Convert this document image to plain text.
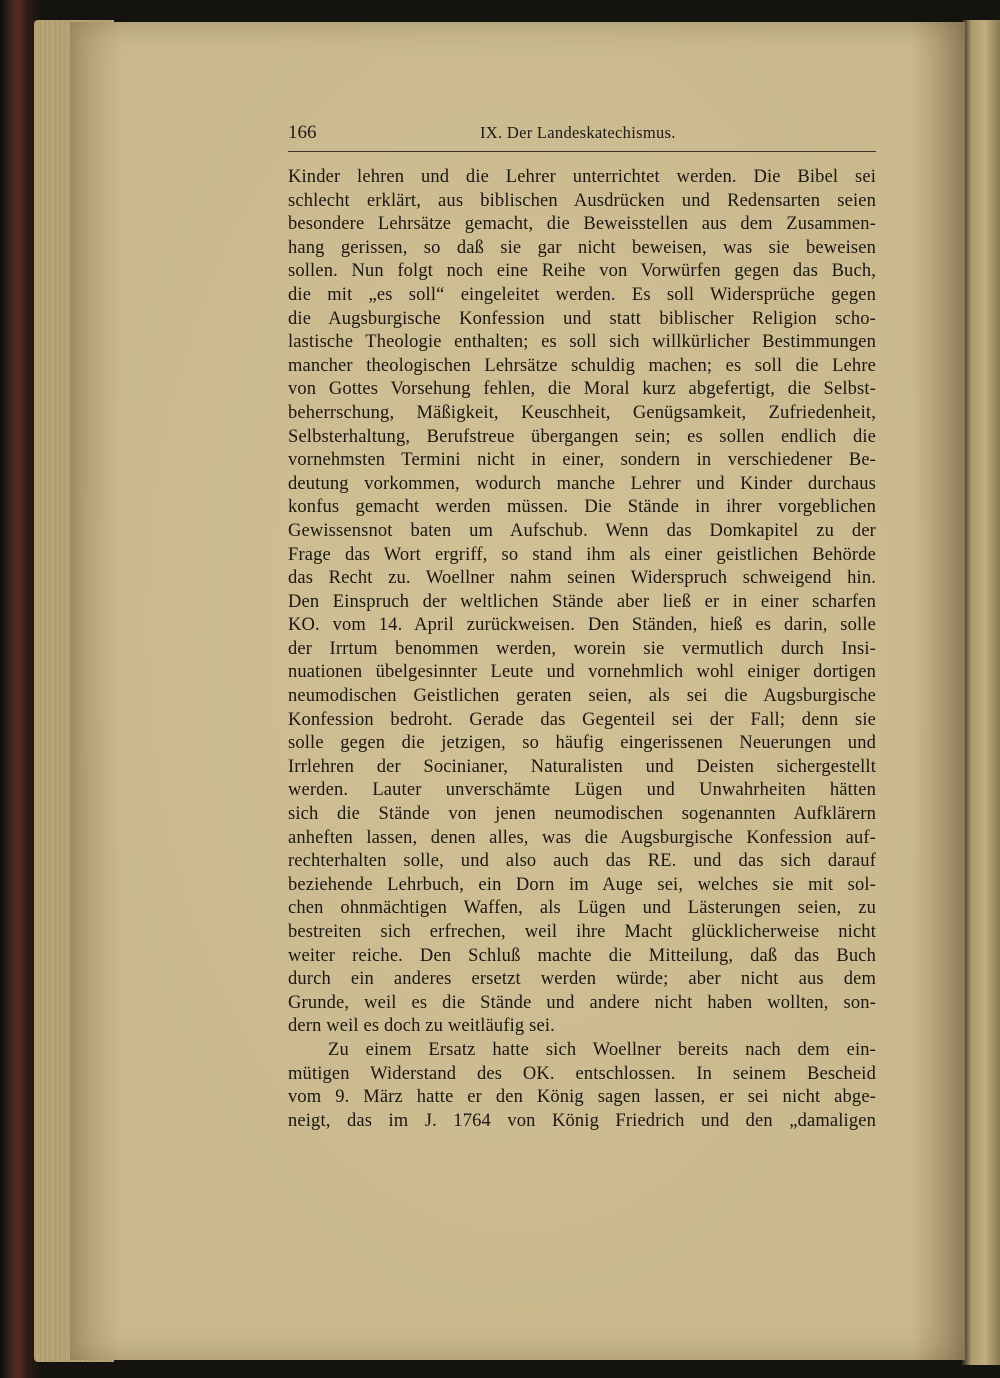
166	IX. Der Landeskatechismus.
Kinder lehren und die Lehrer unterrichtet werden. Die Bibel sei
schlecht erklärt, aus biblischen Ausdrücken und Redensarten seien
besondere Lehrsätze gemacht, die Beweisstellen aus dem Zusammen-
hang gerissen, so daß sie gar nicht beweisen, was sie beweisen
sollen. Nun folgt noch eine Reihe von Vorwürfen gegen das Buch,
die mit „es soll“ eingeleitet werden. Es soll Widersprüche gegen
die Augsburgische Konfession und statt biblischer Religion scho-
lastische Theologie enthalten; es soll sich willkürlicher Bestimmungen
mancher theologischen Lehrsätze schuldig machen; es soll die Lehre
von Gottes Vorsehung fehlen, die Moral kurz abgefertigt, die Selbst-
beherrschung, Mäßigkeit, Keuschheit, Genügsamkeit, Zufriedenheit,
Selbsterhaltung, Berufstreue übergangen sein; es sollen endlich die
vornehmsten Termini nicht in einer, sondern in verschiedener Be-
deutung vorkommen, wodurch manche Lehrer und Kinder durchaus
konfus gemacht werden müssen. Die Stände in ihrer vorgeblichen
Gewissensnot baten um Aufschub. Wenn das Domkapitel zu der
Frage das Wort ergriff, so stand ihm als einer geistlichen Behörde
das Recht zu. Woellner nahm seinen Widerspruch schweigend hin.
Den Einspruch der weltlichen Stände aber ließ er in einer scharfen
KO. vom 14. April zurückweisen. Den Ständen, hieß es darin, solle
der Irrtum benommen werden, worein sie vermutlich durch Insi-
nuationen übelgesinnter Leute und vornehmlich wohl einiger dortigen
neumodischen Geistlichen geraten seien, als sei die Augsburgische
Konfession bedroht. Gerade das Gegenteil sei der Fall; denn sie
solle gegen die jetzigen, so häufig eingerissenen Neuerungen und
Irrlehren der Socinianer, Naturalisten und Deisten sichergestellt
werden. Lauter unverschämte Lügen und Unwahrheiten hätten
sich die Stände von jenen neumodischen sogenannten Aufklärern
anheften lassen, denen alles, was die Augsburgische Konfession auf-
rechterhalten solle, und also auch das RE. und das sich darauf
beziehende Lehrbuch, ein Dorn im Auge sei, welches sie mit sol-
chen ohnmächtigen Waffen, als Lügen und Lästerungen seien, zu
bestreiten sich erfrechen, weil ihre Macht glücklicherweise nicht
weiter reiche. Den Schluß machte die Mitteilung, daß das Buch
durch ein anderes ersetzt werden würde; aber nicht aus dem
Grunde, weil es die Stände und andere nicht haben wollten, son-
dern weil es doch zu weitläufig sei.
Zu einem Ersatz hatte sich Woellner bereits nach dem ein-
mütigen Widerstand des OK. entschlossen. In seinem Bescheid
vom 9. März hatte er den König sagen lassen, er sei nicht abge-
neigt, das im J. 1764 von König Friedrich und den „damaligen
